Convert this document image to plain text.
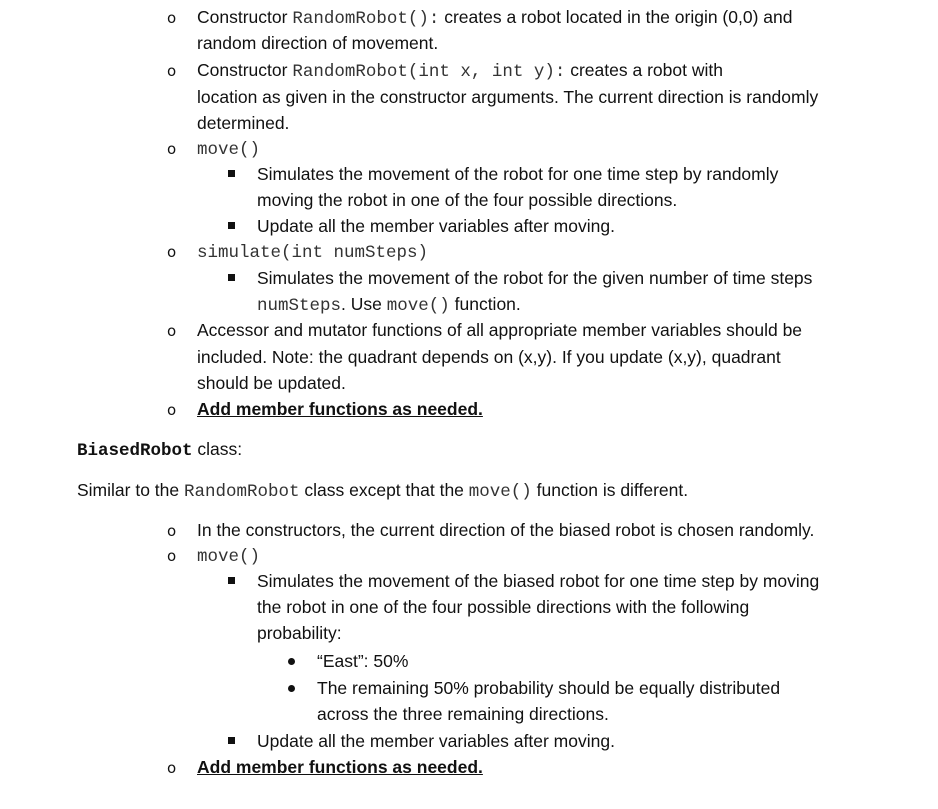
o Constructor RandomRobot(): creates a robot located in the origin (0,0) and
random direction of movement.
o Constructor RandomRobot(int x, int y): creates a robot with
location as given in the constructor arguments. The current direction is randomly
determined.
o move()
Simulates the movement of the robot for one time step by randomly
moving the robot in one of the four possible directions.
Update all the member variables after moving.
o simulate(int numSteps)
Simulates the movement of the robot for the given number of time steps
numSteps. Use move() function.
o Accessor and mutator functions of all appropriate member variables should be
included. Note: the quadrant depends on (x,y). If you update (x,y), quadrant
should be updated.
o Add member functions as needed.
BiasedRobot class:
Similar to the RandomRobot class except that the move() function is different.
o In the constructors, the current direction of the biased robot is chosen randomly.
o move()
Simulates the movement of the biased robot for one time step by moving
the robot in one of the four possible directions with the following
probability:
“East”: 50%
The remaining 50% probability should be equally distributed
across the three remaining directions.
Update all the member variables after moving.
o Add member functions as needed.
